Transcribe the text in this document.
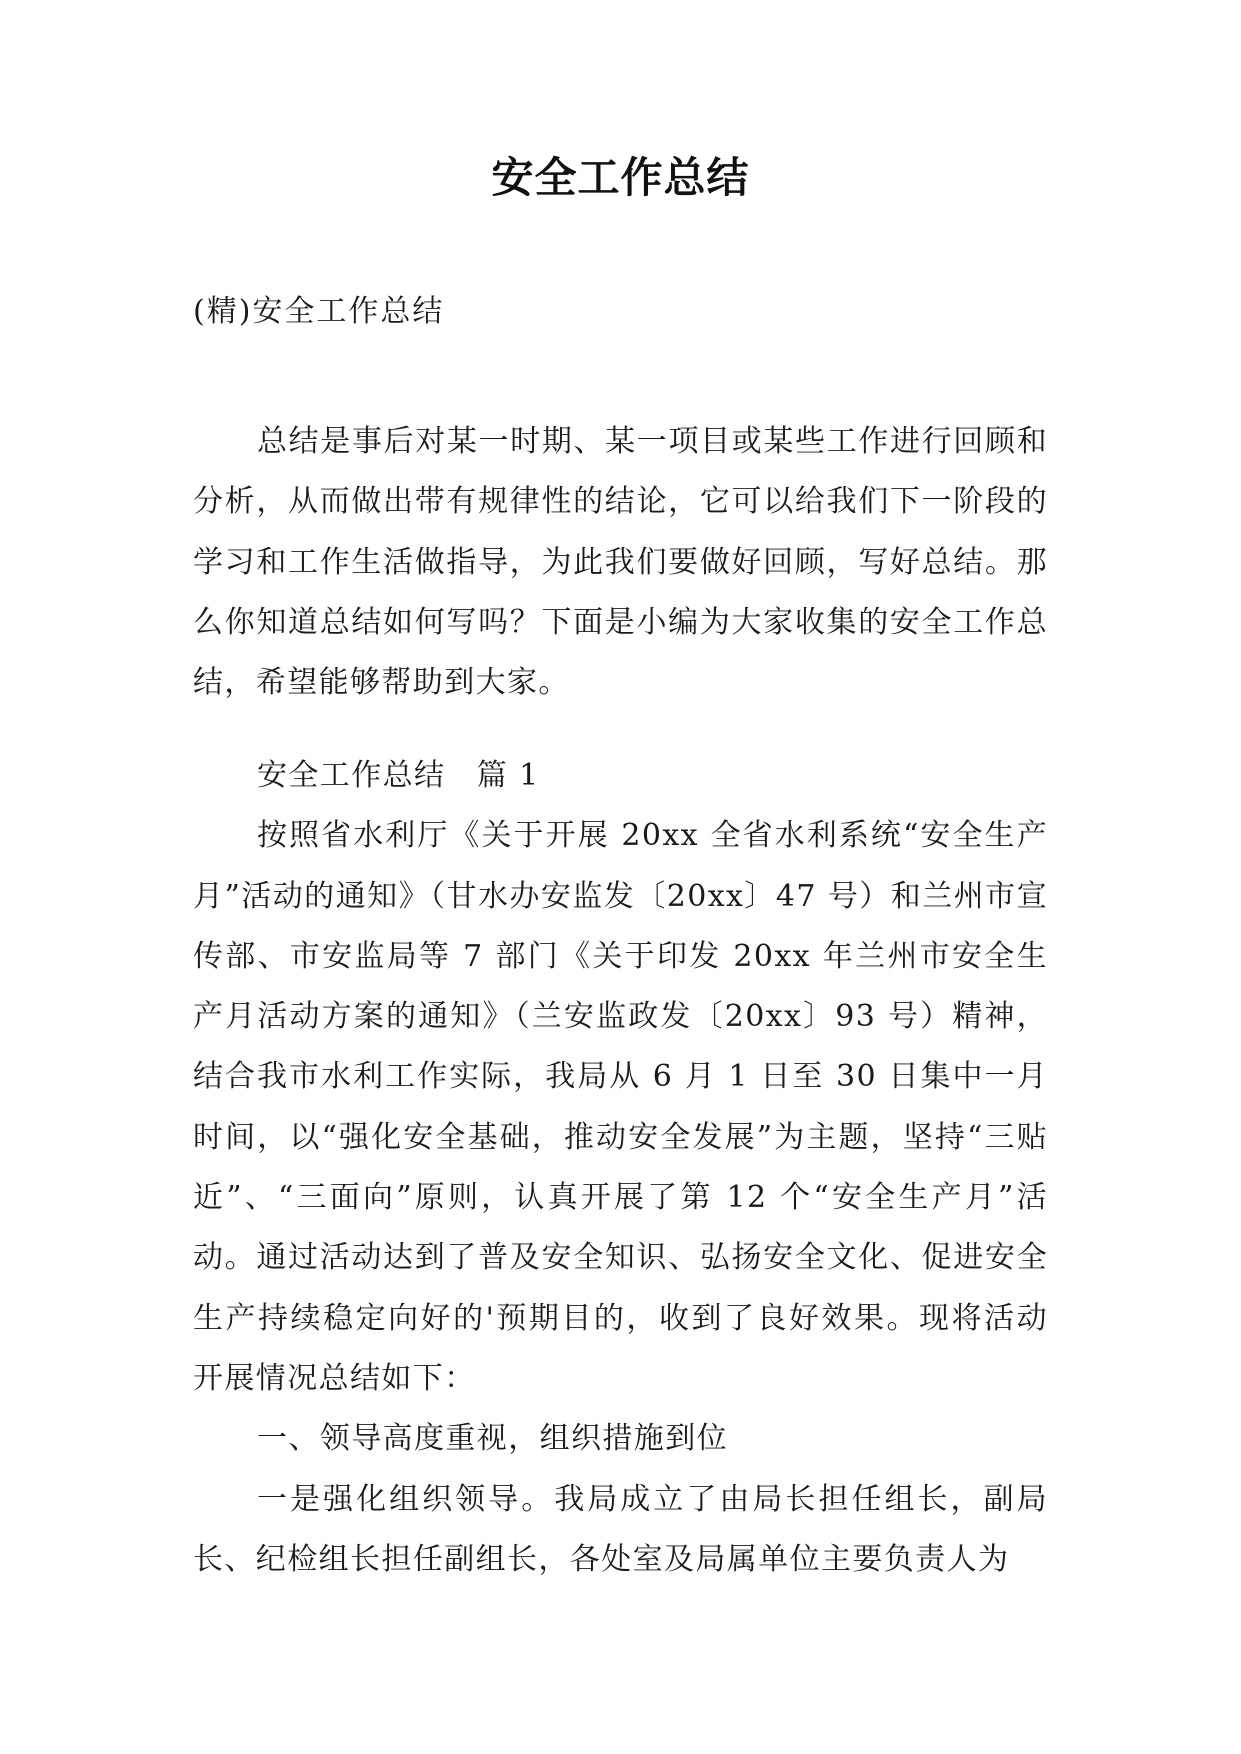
安全工作总结
(精)安全工作总结

总结是事后对某一时期、某一项目或某些工作进行回顾和分析，从而做出带有规律性的结论，它可以给我们下一阶段的学习和工作生活做指导，为此我们要做好回顾，写好总结。那么你知道总结如何写吗？下面是小编为大家收集的安全工作总结，希望能够帮助到大家。

安全工作总结　篇 1

按照省水利厅《关于开展 20xx 全省水利系统“安全生产月”活动的通知》（甘水办安监发〔20xx〕47 号）和兰州市宣传部、市安监局等 7 部门《关于印发 20xx 年兰州市安全生产月活动方案的通知》（兰安监政发〔20xx〕93 号）精神，结合我市水利工作实际，我局从 6 月 1 日至 30 日集中一月时间，以“强化安全基础，推动安全发展”为主题，坚持“三贴近”、“三面向”原则，认真开展了第 12 个“安全生产月”活动。通过活动达到了普及安全知识、弘扬安全文化、促进安全生产持续稳定向好的'预期目的，收到了良好效果。现将活动开展情况总结如下：

一、领导高度重视，组织措施到位

一是强化组织领导。我局成立了由局长担任组长，副局长、纪检组长担任副组长，各处室及局属单位主要负责人为
